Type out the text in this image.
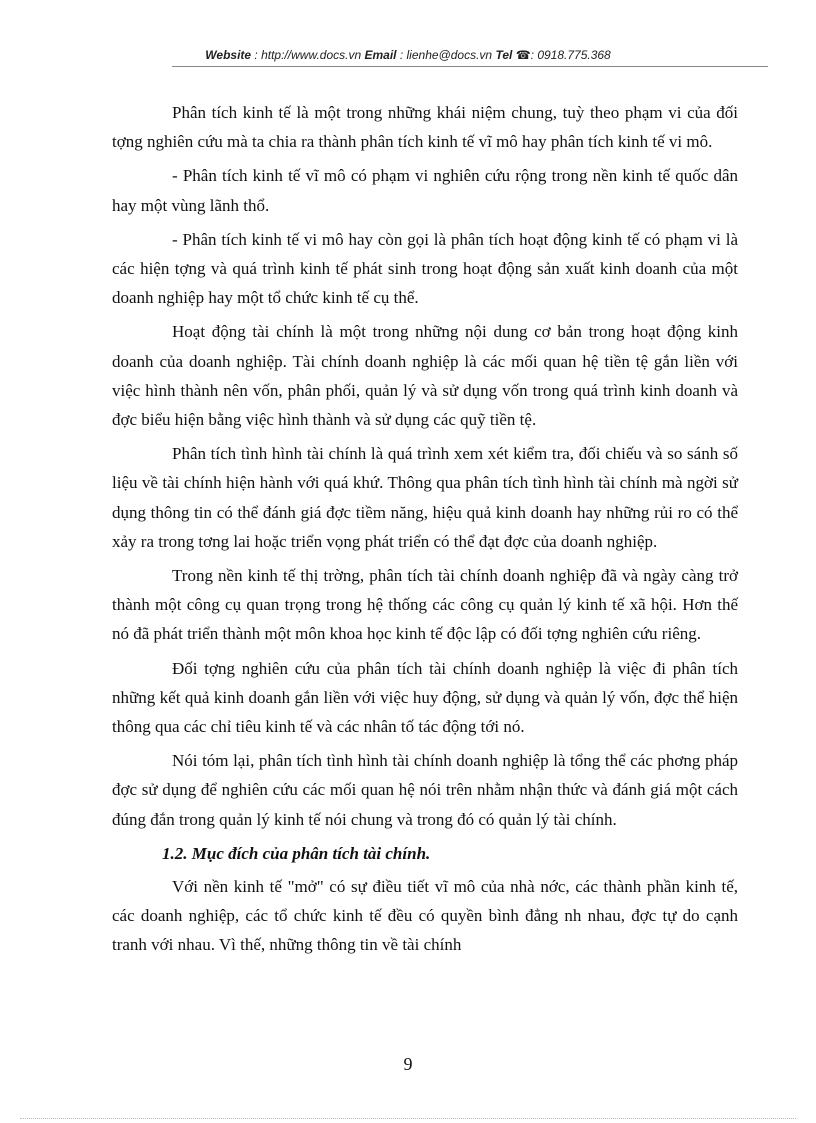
Website : http://www.docs.vn Email : lienhe@docs.vn Tel ☎: 0918.775.368

Phân tích kinh tế là một trong những khái niệm chung, tuỳ theo phạm vi của đối tợng nghiên cứu mà ta chia ra thành phân tích kinh tế vĩ mô hay phân tích kinh tế vi mô.

- Phân tích kinh tế vĩ mô có phạm vi nghiên cứu rộng trong nền kinh tế quốc dân hay một vùng lãnh thổ.

- Phân tích kinh tế vi mô hay còn gọi là phân tích hoạt động kinh tế có phạm vi là các hiện tợng và quá trình kinh tế phát sinh trong hoạt động sản xuất kinh doanh của một doanh nghiệp hay một tổ chức kinh tế cụ thể.

Hoạt động tài chính là một trong những nội dung cơ bản trong hoạt động kinh doanh của doanh nghiệp. Tài chính doanh nghiệp là các mối quan hệ tiền tệ gắn liền với việc hình thành nên vốn, phân phối, quản lý và sử dụng vốn trong quá trình kinh doanh và đợc biểu hiện bằng việc hình thành và sử dụng các quỹ tiền tệ.

Phân tích tình hình tài chính là quá trình xem xét kiểm tra, đối chiếu và so sánh số liệu về tài chính hiện hành với quá khứ. Thông qua phân tích tình hình tài chính mà ngời sử dụng thông tin có thể đánh giá đợc tiềm năng, hiệu quả kinh doanh hay những rủi ro có thể xảy ra trong tơng lai hoặc triển vọng phát triển có thể đạt đợc của doanh nghiệp.

Trong nền kinh tế thị trờng, phân tích tài chính doanh nghiệp đã và ngày càng trở thành một công cụ quan trọng trong hệ thống các công cụ quản lý kinh tế xã hội. Hơn thế nó đã phát triển thành một môn khoa học kinh tế độc lập có đối tợng nghiên cứu riêng.

Đối tợng nghiên cứu của phân tích tài chính doanh nghiệp là việc đi phân tích những kết quả kinh doanh gắn liền với việc huy động, sử dụng và quản lý vốn, đợc thể hiện thông qua các chỉ tiêu kinh tế và các nhân tố tác động tới nó.

Nói tóm lại, phân tích tình hình tài chính doanh nghiệp là tổng thể các phơng pháp đợc sử dụng để nghiên cứu các mối quan hệ nói trên nhằm nhận thức và đánh giá một cách đúng đắn trong quản lý kinh tế nói chung và trong đó có quản lý tài chính.

1.2. Mục đích của phân tích tài chính.

Với nền kinh tế "mở" có sự điều tiết vĩ mô của nhà nớc, các thành phần kinh tế, các doanh nghiệp, các tổ chức kinh tế đều có quyền bình đẳng nh nhau, đợc tự do cạnh tranh với nhau. Vì thế, những thông tin về tài chính

9
